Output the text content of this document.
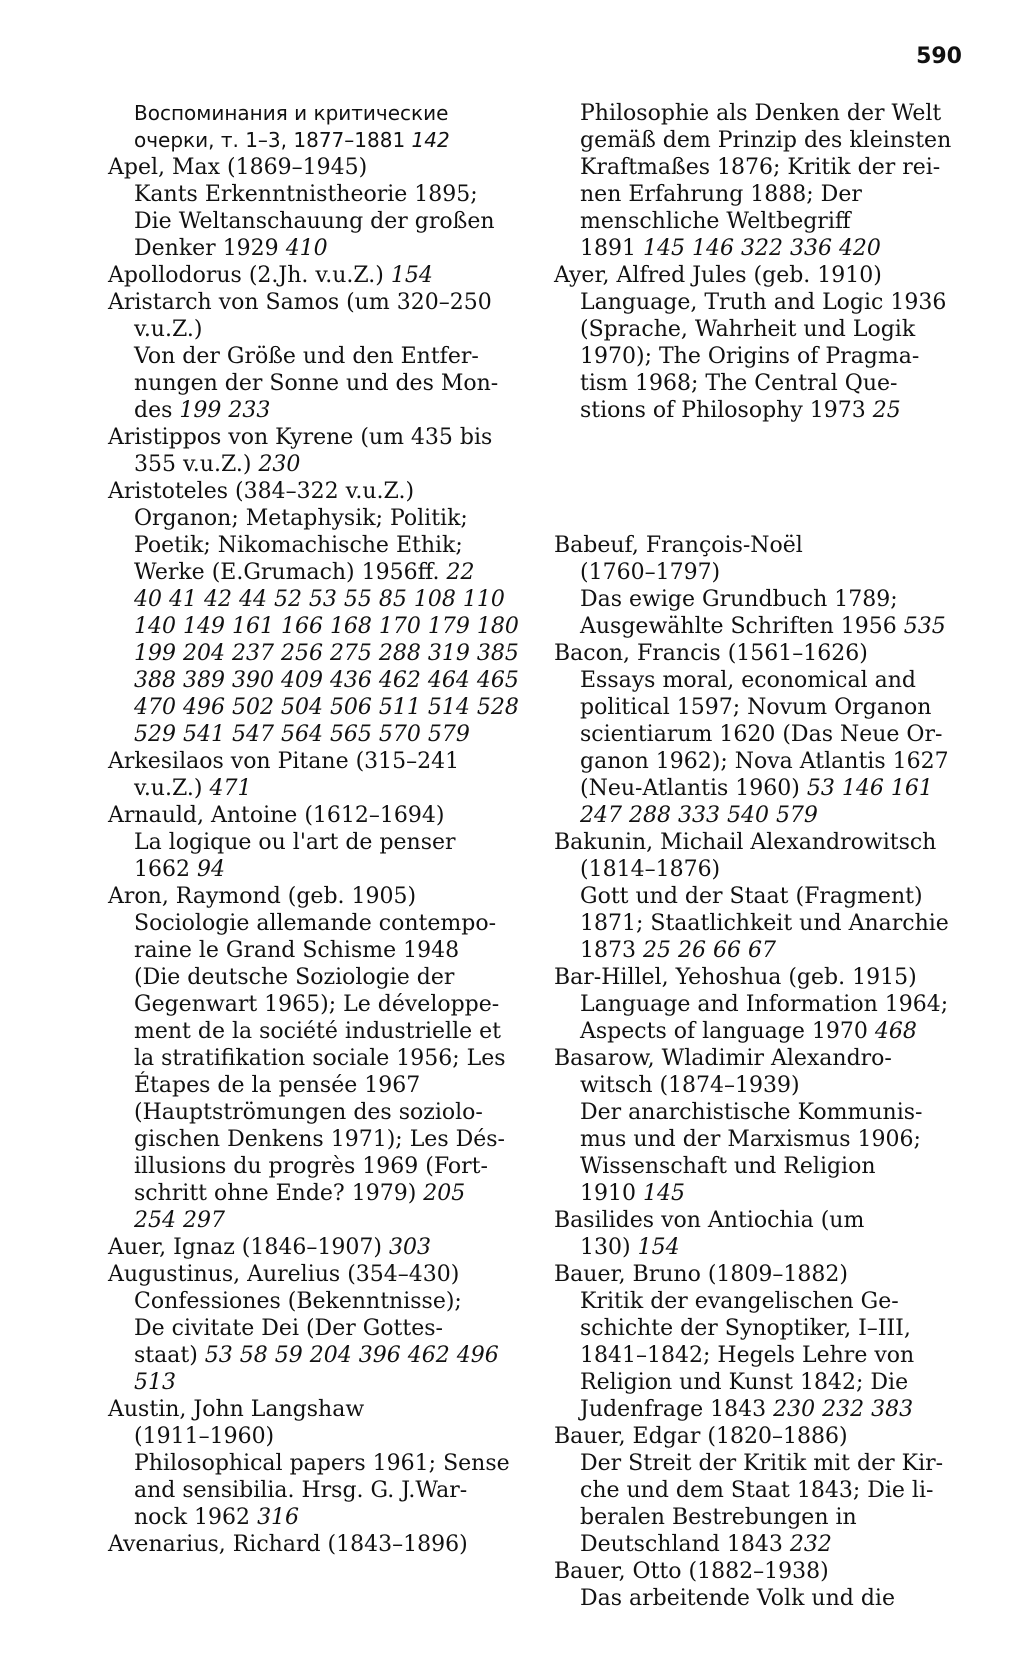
590
Воспоминания и критические
очерки, т. 1–3, 1877–1881 142
Apel, Max (1869–1945)
Kants Erkenntnistheorie 1895;
Die Weltanschauung der großen
Denker 1929 410
Apollodorus (2.Jh. v.u.Z.) 154
Aristarch von Samos (um 320–250
v.u.Z.)
Von der Größe und den Entfer-
nungen der Sonne und des Mon-
des 199 233
Aristippos von Kyrene (um 435 bis
355 v.u.Z.) 230
Aristoteles (384–322 v.u.Z.)
Organon; Metaphysik; Politik;
Poetik; Nikomachische Ethik;
Werke (E.Grumach) 1956ff. 22
40 41 42 44 52 53 55 85 108 110
140 149 161 166 168 170 179 180
199 204 237 256 275 288 319 385
388 389 390 409 436 462 464 465
470 496 502 504 506 511 514 528
529 541 547 564 565 570 579
Arkesilaos von Pitane (315–241
v.u.Z.) 471
Arnauld, Antoine (1612–1694)
La logique ou l'art de penser
1662 94
Aron, Raymond (geb. 1905)
Sociologie allemande contempo-
raine le Grand Schisme 1948
(Die deutsche Soziologie der
Gegenwart 1965); Le développe-
ment de la société industrielle et
la stratifikation sociale 1956; Les
Étapes de la pensée 1967
(Hauptströmungen des soziolo-
gischen Denkens 1971); Les Dés-
illusions du progrès 1969 (Fort-
schritt ohne Ende? 1979) 205
254 297
Auer, Ignaz (1846–1907) 303
Augustinus, Aurelius (354–430)
Confessiones (Bekenntnisse);
De civitate Dei (Der Gottes-
staat) 53 58 59 204 396 462 496
513
Austin, John Langshaw
(1911–1960)
Philosophical papers 1961; Sense
and sensibilia. Hrsg. G. J.War-
nock 1962 316
Avenarius, Richard (1843–1896)
Philosophie als Denken der Welt
gemäß dem Prinzip des kleinsten
Kraftmaßes 1876; Kritik der rei-
nen Erfahrung 1888; Der
menschliche Weltbegriff
1891 145 146 322 336 420
Ayer, Alfred Jules (geb. 1910)
Language, Truth and Logic 1936
(Sprache, Wahrheit und Logik
1970); The Origins of Pragma-
tism 1968; The Central Que-
stions of Philosophy 1973 25
Babeuf, François-Noël
(1760–1797)
Das ewige Grundbuch 1789;
Ausgewählte Schriften 1956 535
Bacon, Francis (1561–1626)
Essays moral, economical and
political 1597; Novum Organon
scientiarum 1620 (Das Neue Or-
ganon 1962); Nova Atlantis 1627
(Neu-Atlantis 1960) 53 146 161
247 288 333 540 579
Bakunin, Michail Alexandrowitsch
(1814–1876)
Gott und der Staat (Fragment)
1871; Staatlichkeit und Anarchie
1873 25 26 66 67
Bar-Hillel, Yehoshua (geb. 1915)
Language and Information 1964;
Aspects of language 1970 468
Basarow, Wladimir Alexandro-
witsch (1874–1939)
Der anarchistische Kommunis-
mus und der Marxismus 1906;
Wissenschaft und Religion
1910 145
Basilides von Antiochia (um
130) 154
Bauer, Bruno (1809–1882)
Kritik der evangelischen Ge-
schichte der Synoptiker, I–III,
1841–1842; Hegels Lehre von
Religion und Kunst 1842; Die
Judenfrage 1843 230 232 383
Bauer, Edgar (1820–1886)
Der Streit der Kritik mit der Kir-
che und dem Staat 1843; Die li-
beralen Bestrebungen in
Deutschland 1843 232
Bauer, Otto (1882–1938)
Das arbeitende Volk und die
